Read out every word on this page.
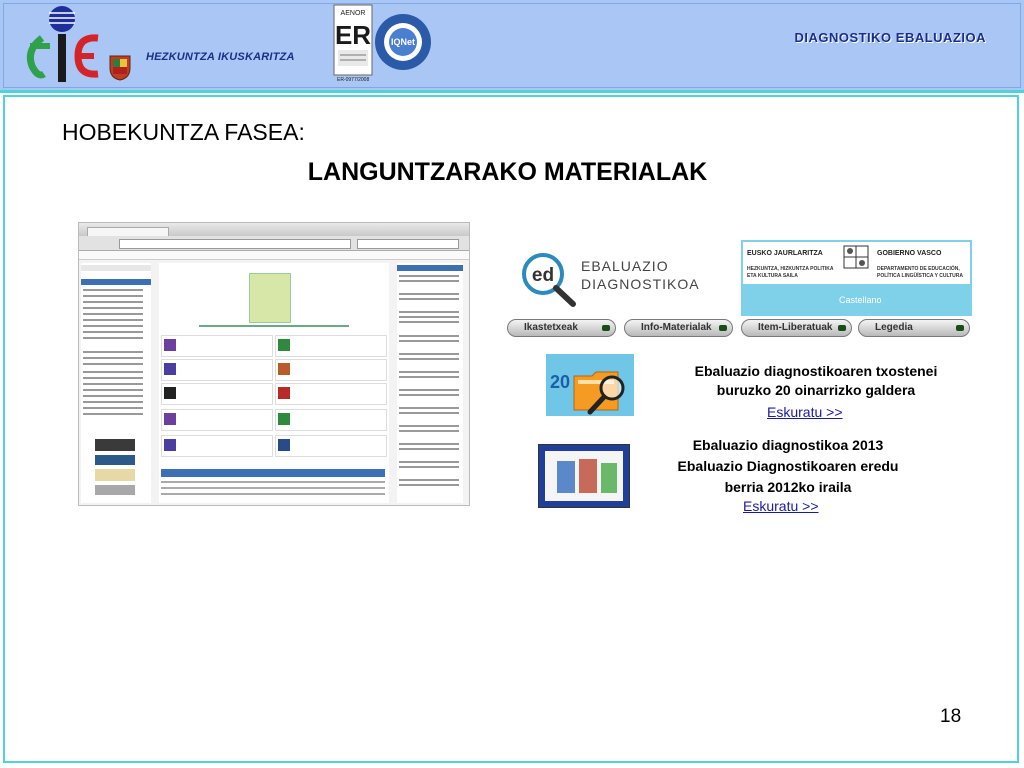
HEZKUNTZA IKUSKARITZA
AENOR
ER IQNet
ER-0977/2008
DIAGNOSTIKO EBALUAZIOA
HOBEKUNTZA FASEA:
LANGUNTZARAKO MATERIALAK
ed EBALUAZIO
DIAGNOSTIKOA
EUSKO JAURLARITZA	GOBIERNO VASCO
HEZKUNTZA, HIZKUNTZA POLITIKA
ETA KULTURA SAILA
DEPARTAMENTO DE EDUCACIÓN,
POLÍTICA LINGÜÍSTICA Y CULTURA
Castellano
Ikastetxeak	Info-Materialak	Item-Liberatuak	Legedia
20
Ebaluazio diagnostikoaren txostenei
buruzko 20 oinarrizko galdera
Eskuratu >>
Ebaluazio diagnostikoa 2013
Ebaluazio Diagnostikoaren eredu
berria 2012ko iraila
Eskuratu >>
18
